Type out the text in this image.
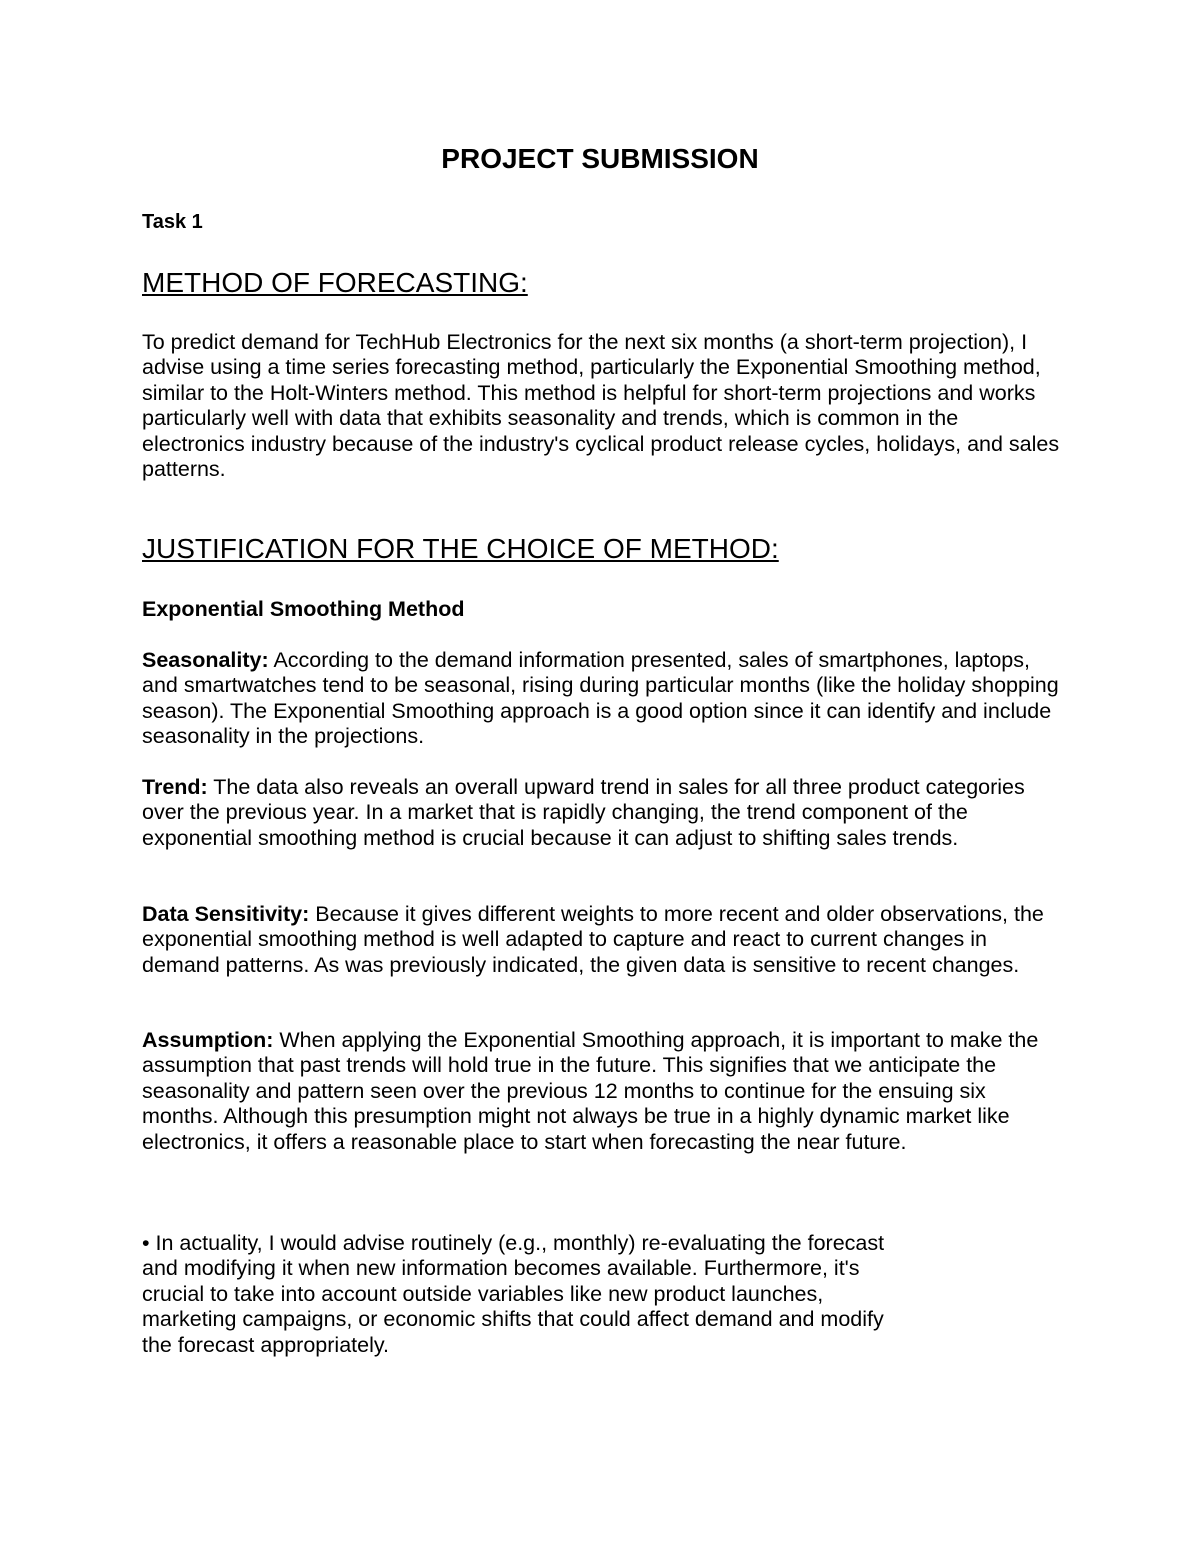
PROJECT SUBMISSION

Task 1

METHOD OF FORECASTING:

To predict demand for TechHub Electronics for the next six months (a short-term projection), I advise using a time series forecasting method, particularly the Exponential Smoothing method, similar to the Holt-Winters method. This method is helpful for short-term projections and works particularly well with data that exhibits seasonality and trends, which is common in the electronics industry because of the industry's cyclical product release cycles, holidays, and sales patterns.

JUSTIFICATION FOR THE CHOICE OF METHOD:

Exponential Smoothing Method

Seasonality: According to the demand information presented, sales of smartphones, laptops, and smartwatches tend to be seasonal, rising during particular months (like the holiday shopping season). The Exponential Smoothing approach is a good option since it can identify and include seasonality in the projections.

Trend: The data also reveals an overall upward trend in sales for all three product categories over the previous year. In a market that is rapidly changing, the trend component of the exponential smoothing method is crucial because it can adjust to shifting sales trends.

Data Sensitivity: Because it gives different weights to more recent and older observations, the exponential smoothing method is well adapted to capture and react to current changes in demand patterns. As was previously indicated, the given data is sensitive to recent changes.

Assumption: When applying the Exponential Smoothing approach, it is important to make the assumption that past trends will hold true in the future. This signifies that we anticipate the seasonality and pattern seen over the previous 12 months to continue for the ensuing six months. Although this presumption might not always be true in a highly dynamic market like electronics, it offers a reasonable place to start when forecasting the near future.

• In actuality, I would advise routinely (e.g., monthly) re-evaluating the forecast and modifying it when new information becomes available. Furthermore, it's crucial to take into account outside variables like new product launches, marketing campaigns, or economic shifts that could affect demand and modify the forecast appropriately.
